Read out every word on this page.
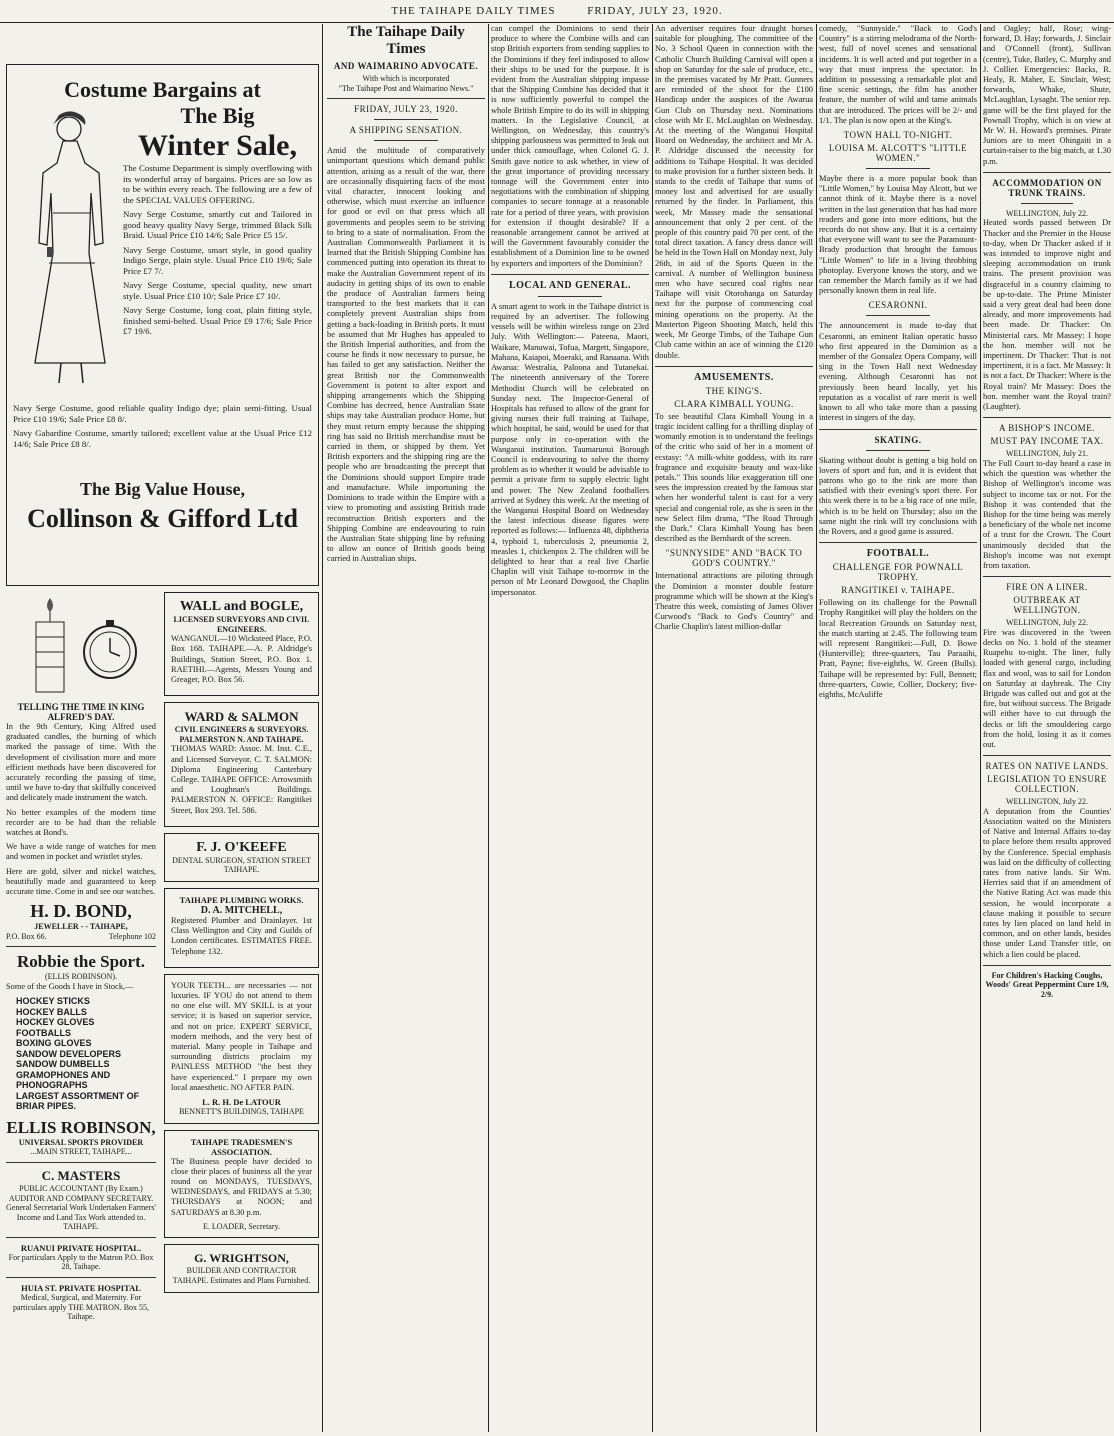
THE TAIHAPE DAILY TIMES	FRIDAY, JULY 23, 1920.
Costume Bargains at
The Big
Winter Sale,

The Costume Department is simply overflowing with its wonderful array of bargains. Prices are so low as to be within every reach. The following are a few of the SPECIAL VALUES OFFERING.

Navy Serge Costume, smartly cut and Tailored in good heavy quality Navy Serge, trimmed Black Silk Braid. Usual Price £10 14/6; Sale Price £5 15/.

Navy Serge Costume, smart style, in good quality Indigo Serge, plain style. Usual Price £10 19/6; Sale Price £7 7/.

Navy Serge Costume, special quality, new smart style. Usual Price £10 10/; Sale Price £7 10/.

Navy Serge Costume, long coat, plain fitting style, finished semi-belted. Usual Price £9 17/6; Sale Price £7 19/6.

Navy Serge Costume, good reliable quality Indigo dye; plain semi-fitting. Usual Price £10 19/6; Sale Price £8 8/.

Navy Gabardine Costume, smartly tailored; excellent value at the Usual Price £12 14/6; Sale Price £8 8/.

The Big Value House,
Collinson & Gifford Ltd
TELLING THE TIME IN KING ALFRED'S DAY.

In the 9th Century, King Alfred used graduated candles, the burning of which marked the passage of time. With the development of civilisation more and more efficient methods have been discovered for accurately recording the passing of time, until we have to-day that skilfully conceived and delicately made instrument the watch.

No better examples of the modern time recorder are to be had than the reliable watches at Bond's.

We have a wide range of watches for men and women in pocket and wristlet styles.

Here are gold, silver and nickel watches, beautifully made and guaranteed to keep accurate time. Come in and see our watches.

H. D. BOND,
JEWELLER - - TAIHAPE,
P.O. Box 66.	Telephone 102
Robbie the Sport.
(ELLIS ROBINSON).

Some of the Goods I have in Stock,—

HOCKEY STICKS
HOCKEY BALLS
HOCKEY GLOVES
FOOTBALLS
BOXING GLOVES
SANDOW DEVELOPERS
SANDOW DUMBELLS
GRAMOPHONES AND PHONOGRAPHS
LARGEST ASSORTMENT OF BRIAR PIPES.
ELLIS ROBINSON,
UNIVERSAL SPORTS PROVIDER
...MAIN STREET, TAIHAPE...
C. MASTERS
PUBLIC ACCOUNTANT (By Exam.) AUDITOR AND COMPANY SECRETARY.
General Secretarial Work Undertaken Farmers' Income and Land Tax Work attended to.
TAIHAPE.
RUANUI PRIVATE HOSPITAL.
For particulars Apply to the Matron P.O. Box 28, Taihape.
HUIA ST. PRIVATE HOSPITAL
Medical, Surgical, and Maternity. For particulars apply THE MATRON. Box 55, Taihape.
WALL and BOGLE,
LICENSED SURVEYORS AND CIVIL ENGINEERS.

WANGANUI.—10 Wicksteed Place, P.O. Box 168. TAIHAPE.—A. P. Aldridge's Buildings, Station Street, P.O. Box 1. RAETIHI.—Agents, Messrs Young and Greager, P.O. Box 56.

WARD & SALMON
CIVIL ENGINEERS & SURVEYORS. PALMERSTON N. AND TAIHAPE.

THOMAS WARD: Assoc. M. Inst. C.E., and Licensed Surveyor. C. T. SALMON: Diploma Engineering Canterbury College. TAIHAPE OFFICE: Arrowsmith and Loughnan's Buildings. PALMERSTON N. OFFICE: Rangitikei Street, Box 293. Tel. 586.

F. J. O'KEEFE
DENTAL SURGEON, STATION STREET TAIHAPE.
TAIHAPE PLUMBING WORKS.
D. A. MITCHELL,

Registered Plumber and Drainlayer. 1st Class Wellington and City and Guilds of London certificates. ESTIMATES FREE. Telephone 132.

YOUR TEETH... are necessaries — not luxuries. IF YOU do not attend to them no one else will. MY SKILL is at your service; it is based on superior service, and not on price. EXPERT SERVICE, modern methods, and the very best of material. Many people in Taihape and surrounding districts proclaim my PAINLESS METHOD "the best they have experienced." I prepare my own local anaesthetic. NO AFTER PAIN.

L. R. H. De LATOUR
BENNETT'S BUILDINGS, TAIHAPE
TAIHAPE TRADESMEN'S ASSOCIATION.

The Business people have decided to close their places of business all the year round on MONDAYS, TUESDAYS, WEDNESDAYS, and FRIDAYS at 5.30; THURSDAYS at NOON; and SATURDAYS at 8.30 p.m.

E. LOADER, Secretary.
G. WRIGHTSON,
BUILDER AND CONTRACTOR TAIHAPE. Estimates and Plans Furnished.
The Taihape Daily Times
AND WAIMARINO ADVOCATE.
With which is incorporated
"The Taihape Post and Waimarino News."
FRIDAY, JULY 23, 1920.
A SHIPPING SENSATION.

Amid the multitude of comparatively unimportant questions which demand public attention, arising as a result of the war, there are occasionally disquieting facts of the most vital character, innocent looking and otherwise, which must exercise an influence for good or evil on that press which all governments and peoples seem to be striving to bring to a state of normalisation. From the Australian Commonwealth Parliament it is learned that the British Shipping Combine has commenced putting into operation its threat to make the Australian Government repent of its audacity in getting ships of its own to enable the produce of Australian farmers being transported to the best markets that it can completely prevent Australian ships from getting a back-loading in British ports. It must be assumed that Mr Hughes has appealed to the British Imperial authorities, and from the course he finds it now necessary to pursue, he has failed to get any satisfaction. Neither the great British nor the Commonwealth Government is potent to alter export and shipping arrangements which the Shipping Combine has decreed, hence Australian State ships may take Australian produce Home, but they must return empty because the shipping ring has said no British merchandise must be carried in them, or shipped by them. Yet British exporters and the shipping ring are the people who are broadcasting the precept that the Dominions should support Empire trade and manufacture. While importuning the Dominions to trade within the Empire with a view to promoting and assisting British trade reconstruction British exporters and the Shipping Combine are endeavouring to ruin the Australian State shipping line by refusing to allow an ounce of British goods being carried in Australian ships.

can compel the Dominions to send their produce to where the Combine wills and can stop British exporters from sending supplies to the Dominions if they feel indisposed to allow their ships to be used for the purpose. It is evident from the Australian shipping impasse that the Shipping Combine has decided that it is now sufficiently powerful to compel the whole British Empire to do its will in shipping matters. In the Legislative Council, at Wellington, on Wednesday, this country's shipping parlousness was permitted to leak out under thick camouflage, when Colonel G. J. Smith gave notice to ask whether, in view of the great importance of providing necessary tonnage will the Government enter into negotiations with the combination of shipping companies to secure tonnage at a reasonable rate for a period of three years, with provision for extension if thought desirable? If a reasonable arrangement cannot be arrived at will the Government favourably consider the establishment of a Dominion line to be owned by exporters and importers of the Dominion?

LOCAL AND GENERAL.

A smart agent to work in the Taihape district is required by an advertiser. The following vessels will be within wireless range on 23rd July. With Wellington:— Pateena, Maori, Waikare, Manuwai, Tofua, Margett, Singapore, Mahana, Kaiapoi, Moeraki, and Ranaana. With Awarua: Westralia, Paloona and Tutanekai. The nineteenth anniversary of the Torere Methodist Church will be celebrated on Sunday next. The Inspector-General of Hospitals has refused to allow of the grant for giving nurses their full training at Taihape, which hospital, he said, would be used for that purpose only in co-operation with the Wanganui institution. Taumarunui Borough Council is endeavouring to solve the thorny problem as to whether it would be advisable to permit a private firm to supply electric light and power. The New Zealand footballers arrived at Sydney this week. At the meeting of the Wanganui Hospital Board on Wednesday the latest infectious disease figures were reported as follows:— Influenza 48, diphtheria 4, typhoid 1, tuberculosis 2, pneumonia 2, measles 1, chickenpox 2. The children will be delighted to hear that a real live Charlie Chaplin will visit Taihape to-morrow in the person of Mr Leonard Dowgood, the Chaplin impersonator.

An advertiser requires four draught horses suitable for ploughing. The committee of the No. 3 School Queen in connection with the Catholic Church Building Carnival will open a shop on Saturday for the sale of produce, etc., in the premises vacated by Mr Pratt. Gunners are reminded of the shoot for the £100 Handicap under the auspices of the Awarua Gun Club on Thursday next. Nominations close with Mr E. McLaughlan on Wednesday. At the meeting of the Wanganui Hospital Board on Wednesday, the architect and Mr A. P. Aldridge discussed the necessity for additions to Taihape Hospital. It was decided to make provision for a further sixteen beds. It stands to the credit of Taihape that sums of money lost and advertised for are usually returned by the finder. In Parliament, this week, Mr Massey made the sensational announcement that only 2 per cent. of the people of this country paid 70 per cent. of the total direct taxation. A fancy dress dance will be held in the Town Hall on Monday next, July 26th, in aid of the Sports Queen in the carnival. A number of Wellington business men who have secured coal rights near Taihape will visit Otorohanga on Saturday next for the purpose of commencing coal mining operations on the property. At the Masterton Pigeon Shooting Match, held this week, Mr George Timbs, of the Taihape Gun Club came within an ace of winning the £120 double.

AMUSEMENTS.
THE KING'S.
CLARA KIMBALL YOUNG.

To see beautiful Clara Kimball Young in a tragic incident calling for a thrilling display of womanly emotion is to understand the feelings of the critic who said of her in a moment of ecstasy: "A milk-white goddess, with its rare fragrance and exquisite beauty and wax-like petals." This sounds like exaggeration till one sees the impression created by the famous star when her wonderful talent is cast for a very special and congenial role, as she is seen in the new Select film drama, "The Road Through the Dark." Clara Kimball Young has been described as the Bernhardt of the screen.

"SUNNYSIDE" AND "BACK TO GOD'S COUNTRY."

International attractions are piloting through the Dominion a monster double feature programme which will be shown at the King's Theatre this week, consisting of James Oliver Curwood's "Back to God's Country" and Charlie Chaplin's latest million-dollar

comedy, "Sunnyside." "Back to God's Country" is a stirring melodrama of the North-west, full of novel scenes and sensational incidents. It is well acted and put together in a way that must impress the spectator. In addition to possessing a remarkable plot and fine scenic settings, the film has another feature, the number of wild and tame animals that are introduced. The prices will be 2/- and 1/1. The plan is now open at the King's.

TOWN HALL TO-NIGHT.
LOUISA M. ALCOTT'S "LITTLE WOMEN."

Maybe there is a more popular book than "Little Women," by Louisa May Alcott, but we cannot think of it. Maybe there is a novel written in the last generation that has had more readers and gone into more editions, but the records do not show any. But it is a certainty that everyone will want to see the Paramount-Brady production that brought the famous "Little Women" to life in a living throbbing photoplay. Everyone knows the story, and we can remember the March family as if we had personally known them in real life.

CESARONNI.

The announcement is made to-day that Cesaronni, an eminent Italian operatic basso who first appeared in the Dominion as a member of the Gonsalez Opera Company, will sing in the Town Hall next Wednesday evening. Although Cesaronni has not previously been heard locally, yet his reputation as a vocalist of rare merit is well known to all who take more than a passing interest in singers of the day.

SKATING.

Skating without doubt is getting a big hold on lovers of sport and fun, and it is evident that patrons who go to the rink are more than satisfied with their evening's sport there. For this week there is to be a big race of one mile, which is to be held on Thursday; also on the same night the rink will try conclusions with the Rovers, and a good game is assured.

FOOTBALL.
CHALLENGE FOR POWNALL TROPHY.
RANGITIKEI v. TAIHAPE.

Following on its challenge for the Pownall Trophy Rangitikei will play the holders on the local Recreation Grounds on Saturday next, the match starting at 2.45. The following team will represent Rangitikei:—Full, D. Bowe (Hunterville); three-quarters, Tau Paraaihi, Pratt, Payne; five-eighths, W. Green (Bulls). Taihape will be represented by: Full, Bennett; three-quarters, Cowie, Collier, Dockery; five-eighths, McAuliffe

and Oagley; half, Rose; wing-forward, D. Hay; forwards, J. Sinclair and O'Connell (front), Sullivan (centre), Tuke, Batley, C. Murphy and J. Collier. Emergencies: Backs, R. Healy, R. Maher, E. Sinclair, West; forwards, Whake, Shute, McLaughlan, Lysaght. The senior rep. game will be the first played for the Pownall Trophy, which is on view at Mr W. H. Howard's premises. Pirate Juniors are to meet Ohingaiti in a curtain-raiser to the big match, at 1.30 p.m.

ACCOMMODATION ON TRUNK TRAINS.
WELLINGTON, July 22.

Heated words passed between Dr Thacker and the Premier in the House to-day, when Dr Thacker asked if it was intended to improve night and sleeping accommodation on trunk trains. The present provision was disgraceful in a country claiming to be up-to-date. The Prime Minister said a very great deal had been done already, and more improvements had been made. Dr Thacker: On Ministerial cars. Mr Massey: I hope the hon. member will not be impertinent. Dr Thacker: That is not impertinent, it is a fact. Mr Massey: It is not a fact. Dr Thacker: Where is the Royal train? Mr Massey: Does the hon. member want the Royal train? (Laughter).

A BISHOP'S INCOME.
MUST PAY INCOME TAX.
WELLINGTON, July 21.

The Full Court to-day heard a case in which the question was whether the Bishop of Wellington's income was subject to income tax or not. For the Bishop it was contended that the Bishop for the time being was merely a beneficiary of the whole net income of a trust for the Crown. The Court unanimously decided that the Bishop's income was not exempt from taxation.

FIRE ON A LINER.
OUTBREAK AT WELLINGTON.
WELLINGTON, July 22.

Fire was discovered in the 'tween decks on No. 1 hold of the steamer Ruapehu to-night. The liner, fully loaded with general cargo, including flax and wool, was to sail for London on Saturday at daybreak. The City Brigade was called out and got at the fire, but without success. The Brigade will either have to cut through the decks or lift the smouldering cargo from the hold, losing it as it comes out.

RATES ON NATIVE LANDS.
LEGISLATION TO ENSURE COLLECTION.
WELLINGTON, July 22.

A deputation from the Counties' Association waited on the Ministers of Native and Internal Affairs to-day to place before them results approved by the Conference. Special emphasis was laid on the difficulty of collecting rates from native lands. Sir Wm. Herries said that if an amendment of the Native Rating Act was made this session, he would incorporate a clause making it possible to secure rates by lien placed on land held in common, and on other lands, besides those under Land Transfer title, on which a lien could be placed.

For Children's Hacking Coughs, Woods' Great Peppermint Cure 1/9, 2/9.
